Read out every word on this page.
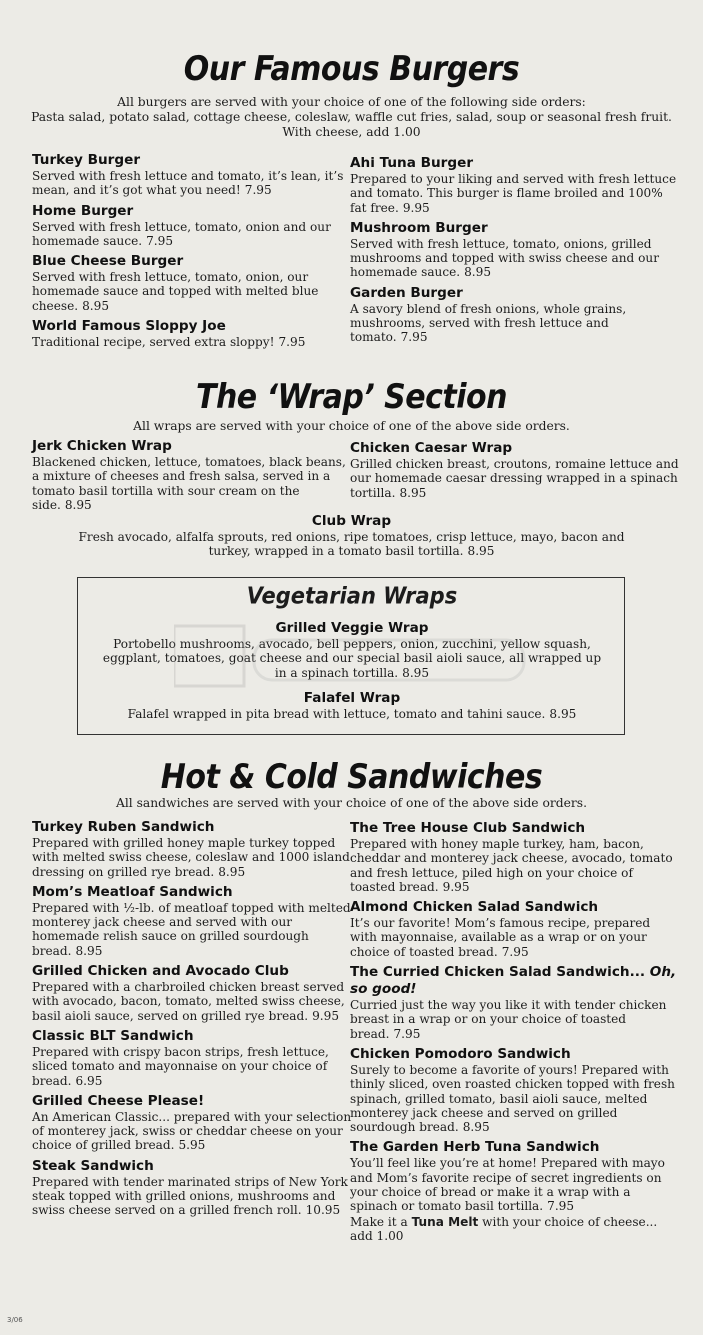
Our Famous Burgers
All burgers are served with your choice of one of the following side orders:
Pasta salad, potato salad, cottage cheese, coleslaw, waffle cut fries, salad, soup or seasonal fresh fruit.
With cheese, add 1.00
Turkey Burger
Served with fresh lettuce and tomato, it’s lean, it’s mean, and it’s got what you need! 7.95
Home Burger
Served with fresh lettuce, tomato, onion and our homemade sauce. 7.95
Blue Cheese Burger
Served with fresh lettuce, tomato, onion, our homemade sauce and topped with melted blue cheese. 8.95
World Famous Sloppy Joe
Traditional recipe, served extra sloppy! 7.95
Ahi Tuna Burger
Prepared to your liking and served with fresh lettuce and tomato. This burger is flame broiled and 100% fat free. 9.95
Mushroom Burger
Served with fresh lettuce, tomato, onions, grilled mushrooms and topped with swiss cheese and our homemade sauce. 8.95
Garden Burger
A savory blend of fresh onions, whole grains, mushrooms, served with fresh lettuce and tomato. 7.95
The ‘Wrap’ Section
All wraps are served with your choice of one of the above side orders.
Jerk Chicken Wrap
Blackened chicken, lettuce, tomatoes, black beans, a mixture of cheeses and fresh salsa, served in a tomato basil tortilla with sour cream on the side. 8.95
Chicken Caesar Wrap
Grilled chicken breast, croutons, romaine lettuce and our homemade caesar dressing wrapped in a spinach tortilla. 8.95
Club Wrap
Fresh avocado, alfalfa sprouts, red onions, ripe tomatoes, crisp lettuce, mayo, bacon and turkey, wrapped in a tomato basil tortilla. 8.95
Vegetarian Wraps
Grilled Veggie Wrap
Portobello mushrooms, avocado, bell peppers, onion, zucchini, yellow squash, eggplant, tomatoes, goat cheese and our special basil aioli sauce, all wrapped up in a spinach tortilla. 8.95
Falafel Wrap
Falafel wrapped in pita bread with lettuce, tomato and tahini sauce. 8.95
Hot & Cold Sandwiches
All sandwiches are served with your choice of one of the above side orders.
Turkey Ruben Sandwich
Prepared with grilled honey maple turkey topped with melted swiss cheese, coleslaw and 1000 island dressing on grilled rye bread. 8.95
Mom’s Meatloaf Sandwich
Prepared with ½-lb. of meatloaf topped with melted monterey jack cheese and served with our homemade relish sauce on grilled sourdough bread. 8.95
Grilled Chicken and Avocado Club
Prepared with a charbroiled chicken breast served with avocado, bacon, tomato, melted swiss cheese, basil aioli sauce, served on grilled rye bread. 9.95
Classic BLT Sandwich
Prepared with crispy bacon strips, fresh lettuce, sliced tomato and mayonnaise on your choice of bread. 6.95
Grilled Cheese Please!
An American Classic... prepared with your selection of monterey jack, swiss or cheddar cheese on your choice of grilled bread. 5.95
Steak Sandwich
Prepared with tender marinated strips of New York steak topped with grilled onions, mushrooms and swiss cheese served on a grilled french roll. 10.95
The Tree House Club Sandwich
Prepared with honey maple turkey, ham, bacon, cheddar and monterey jack cheese, avocado, tomato and fresh lettuce, piled high on your choice of toasted bread. 9.95
Almond Chicken Salad Sandwich
It’s our favorite! Mom’s famous recipe, prepared with mayonnaise, available as a wrap or on your choice of toasted bread. 7.95
The Curried Chicken Salad Sandwich... Oh, so good!
Curried just the way you like it with tender chicken breast in a wrap or on your choice of toasted bread. 7.95
Chicken Pomodoro Sandwich
Surely to become a favorite of yours! Prepared with thinly sliced, oven roasted chicken topped with fresh spinach, grilled tomato, basil aioli sauce, melted monterey jack cheese and served on grilled sourdough bread. 8.95
The Garden Herb Tuna Sandwich
You’ll feel like you’re at home! Prepared with mayo and Mom’s favorite recipe of secret ingredients on your choice of bread or make it a wrap with a spinach or tomato basil tortilla. 7.95
Make it a Tuna Melt with your choice of cheese... add 1.00
3/06
